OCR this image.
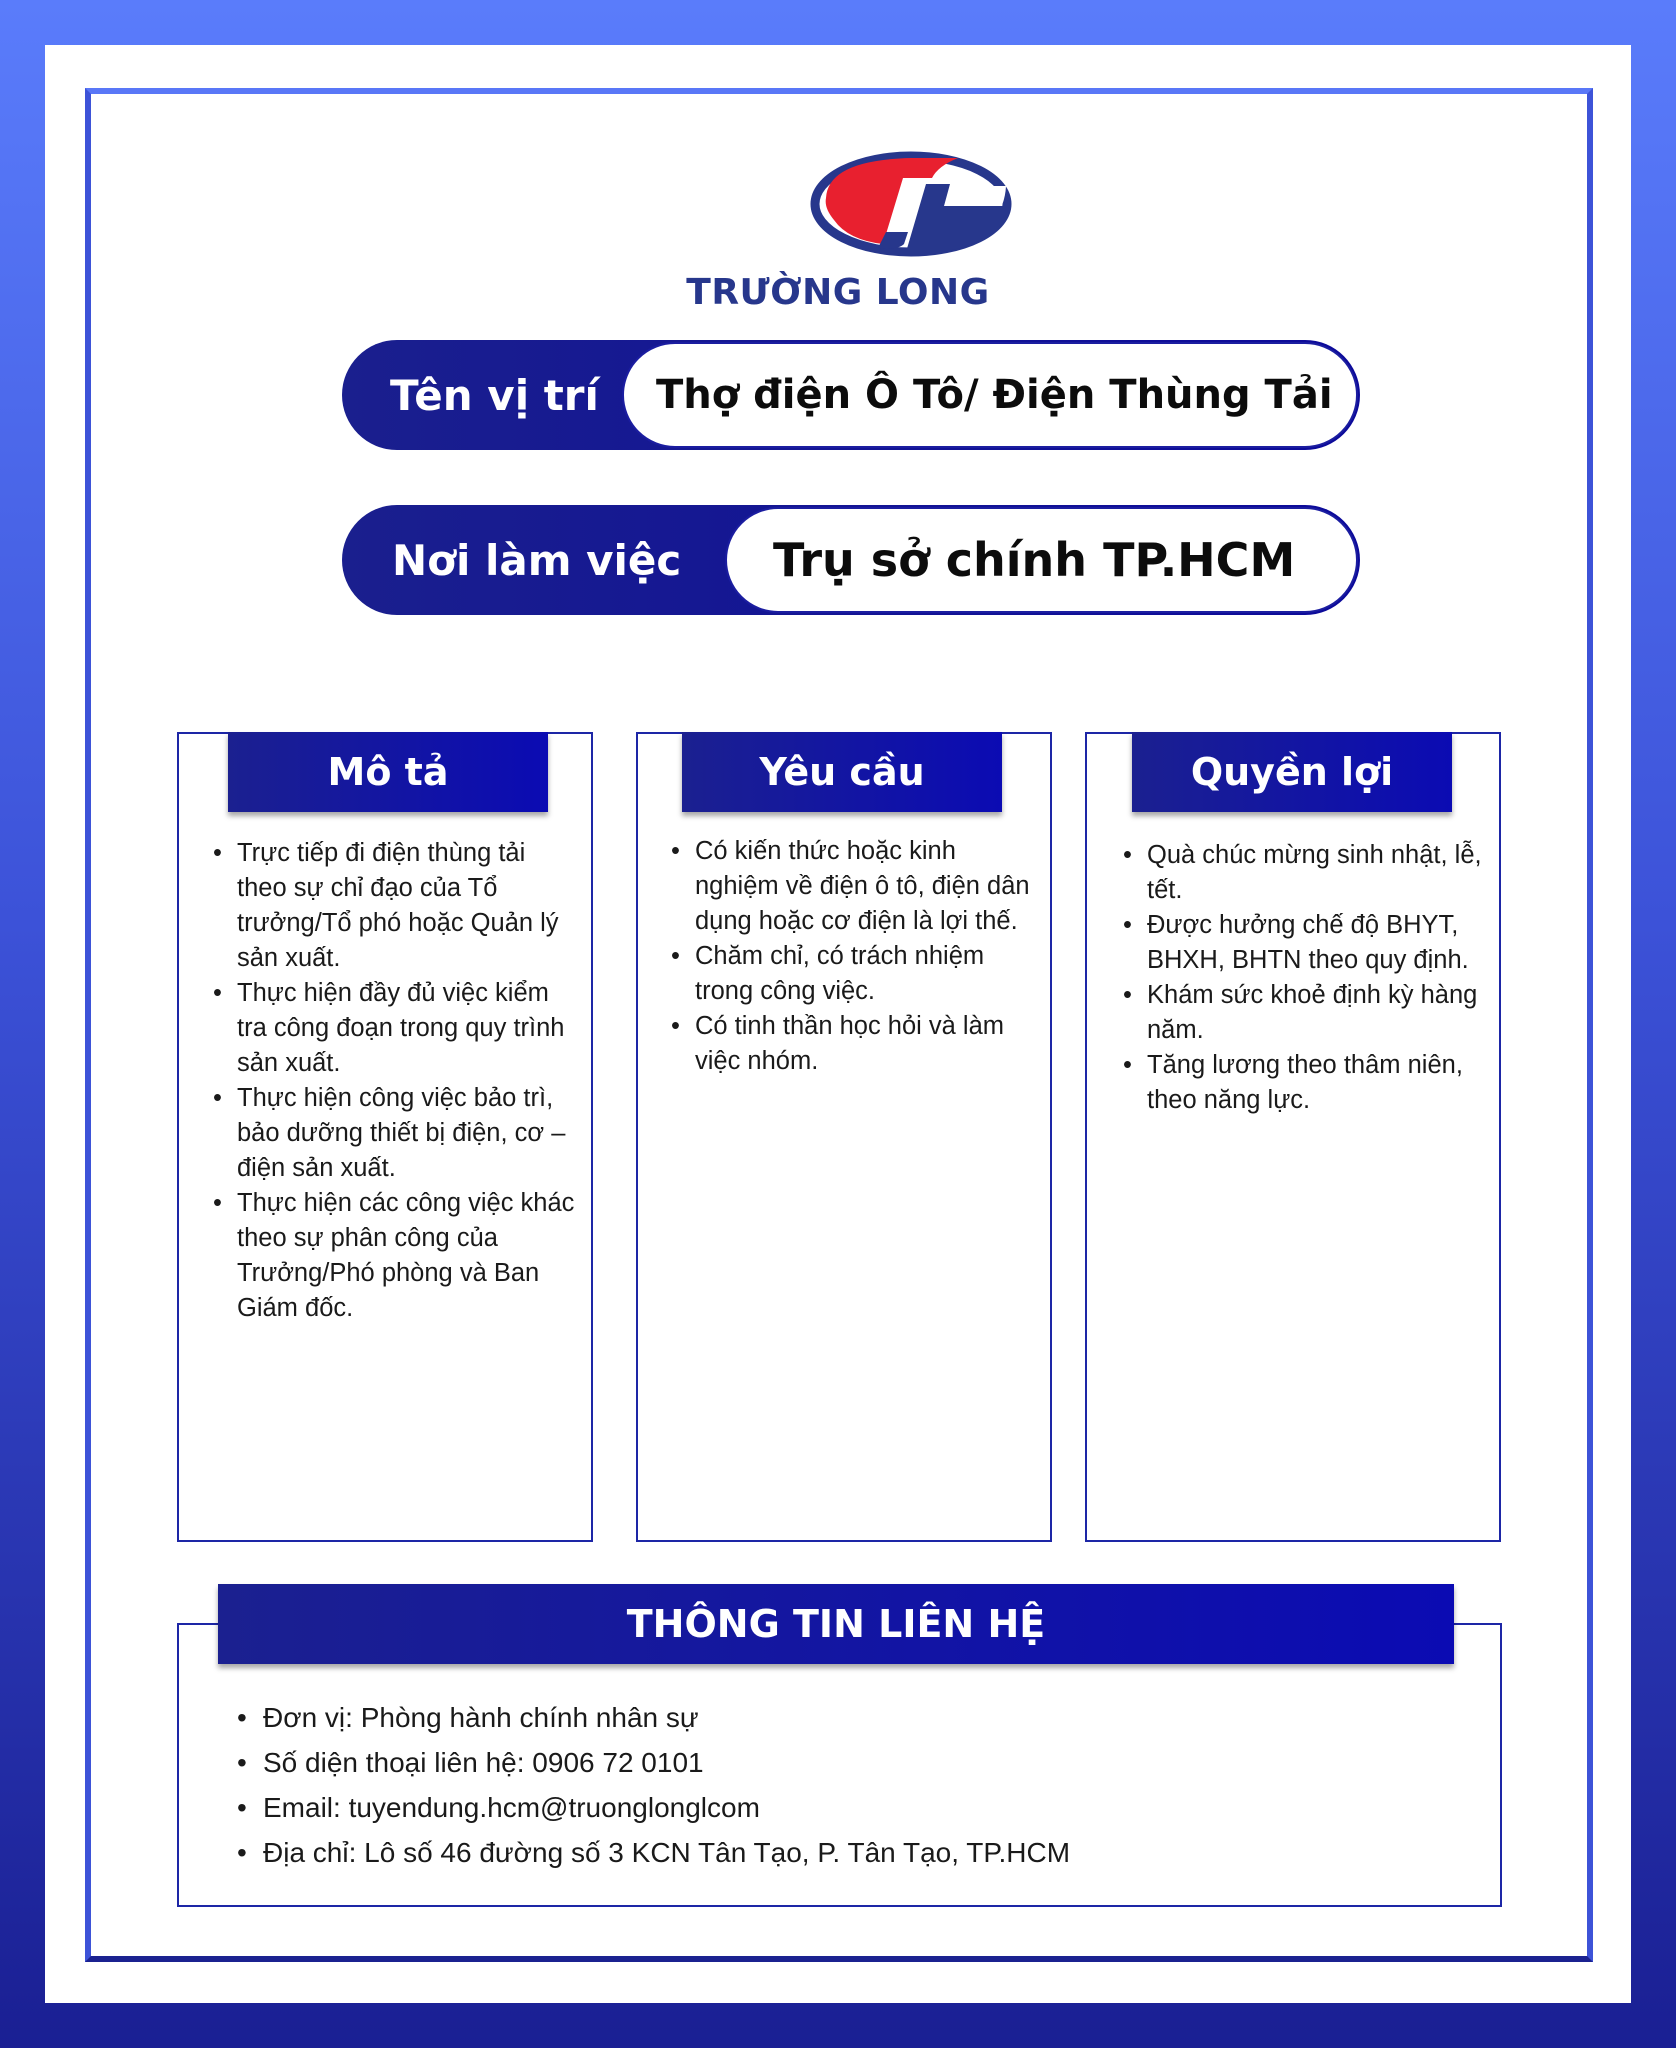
TRƯỜNG LONG
Tên vị trí	Thợ điện Ô Tô/ Điện Thùng Tải
Nơi làm việc	Trụ sở chính TP.HCM
Mô tả
• Trực tiếp đi điện thùng tải theo sự chỉ đạo của Tổ trưởng/Tổ phó hoặc Quản lý sản xuất.
• Thực hiện đầy đủ việc kiểm tra công đoạn trong quy trình sản xuất.
• Thực hiện công việc bảo trì, bảo dưỡng thiết bị điện, cơ – điện sản xuất.
• Thực hiện các công việc khác theo sự phân công của Trưởng/Phó phòng và Ban Giám đốc.
Yêu cầu
• Có kiến thức hoặc kinh nghiệm về điện ô tô, điện dân dụng hoặc cơ điện là lợi thế.
• Chăm chỉ, có trách nhiệm trong công việc.
• Có tinh thần học hỏi và làm việc nhóm.
Quyền lợi
• Quà chúc mừng sinh nhật, lễ, tết.
• Được hưởng chế độ BHYT, BHXH, BHTN theo quy định.
• Khám sức khoẻ định kỳ hàng năm.
• Tăng lương theo thâm niên, theo năng lực.
• Đơn vị: Phòng hành chính nhân sự
• Số diện thoại liên hệ: 0906 72 0101
• Email: tuyendung.hcm@truonglonglcom
• Địa chỉ: Lô số 46 đường số 3 KCN Tân Tạo, P. Tân Tạo, TP.HCM
THÔNG TIN LIÊN HỆ
